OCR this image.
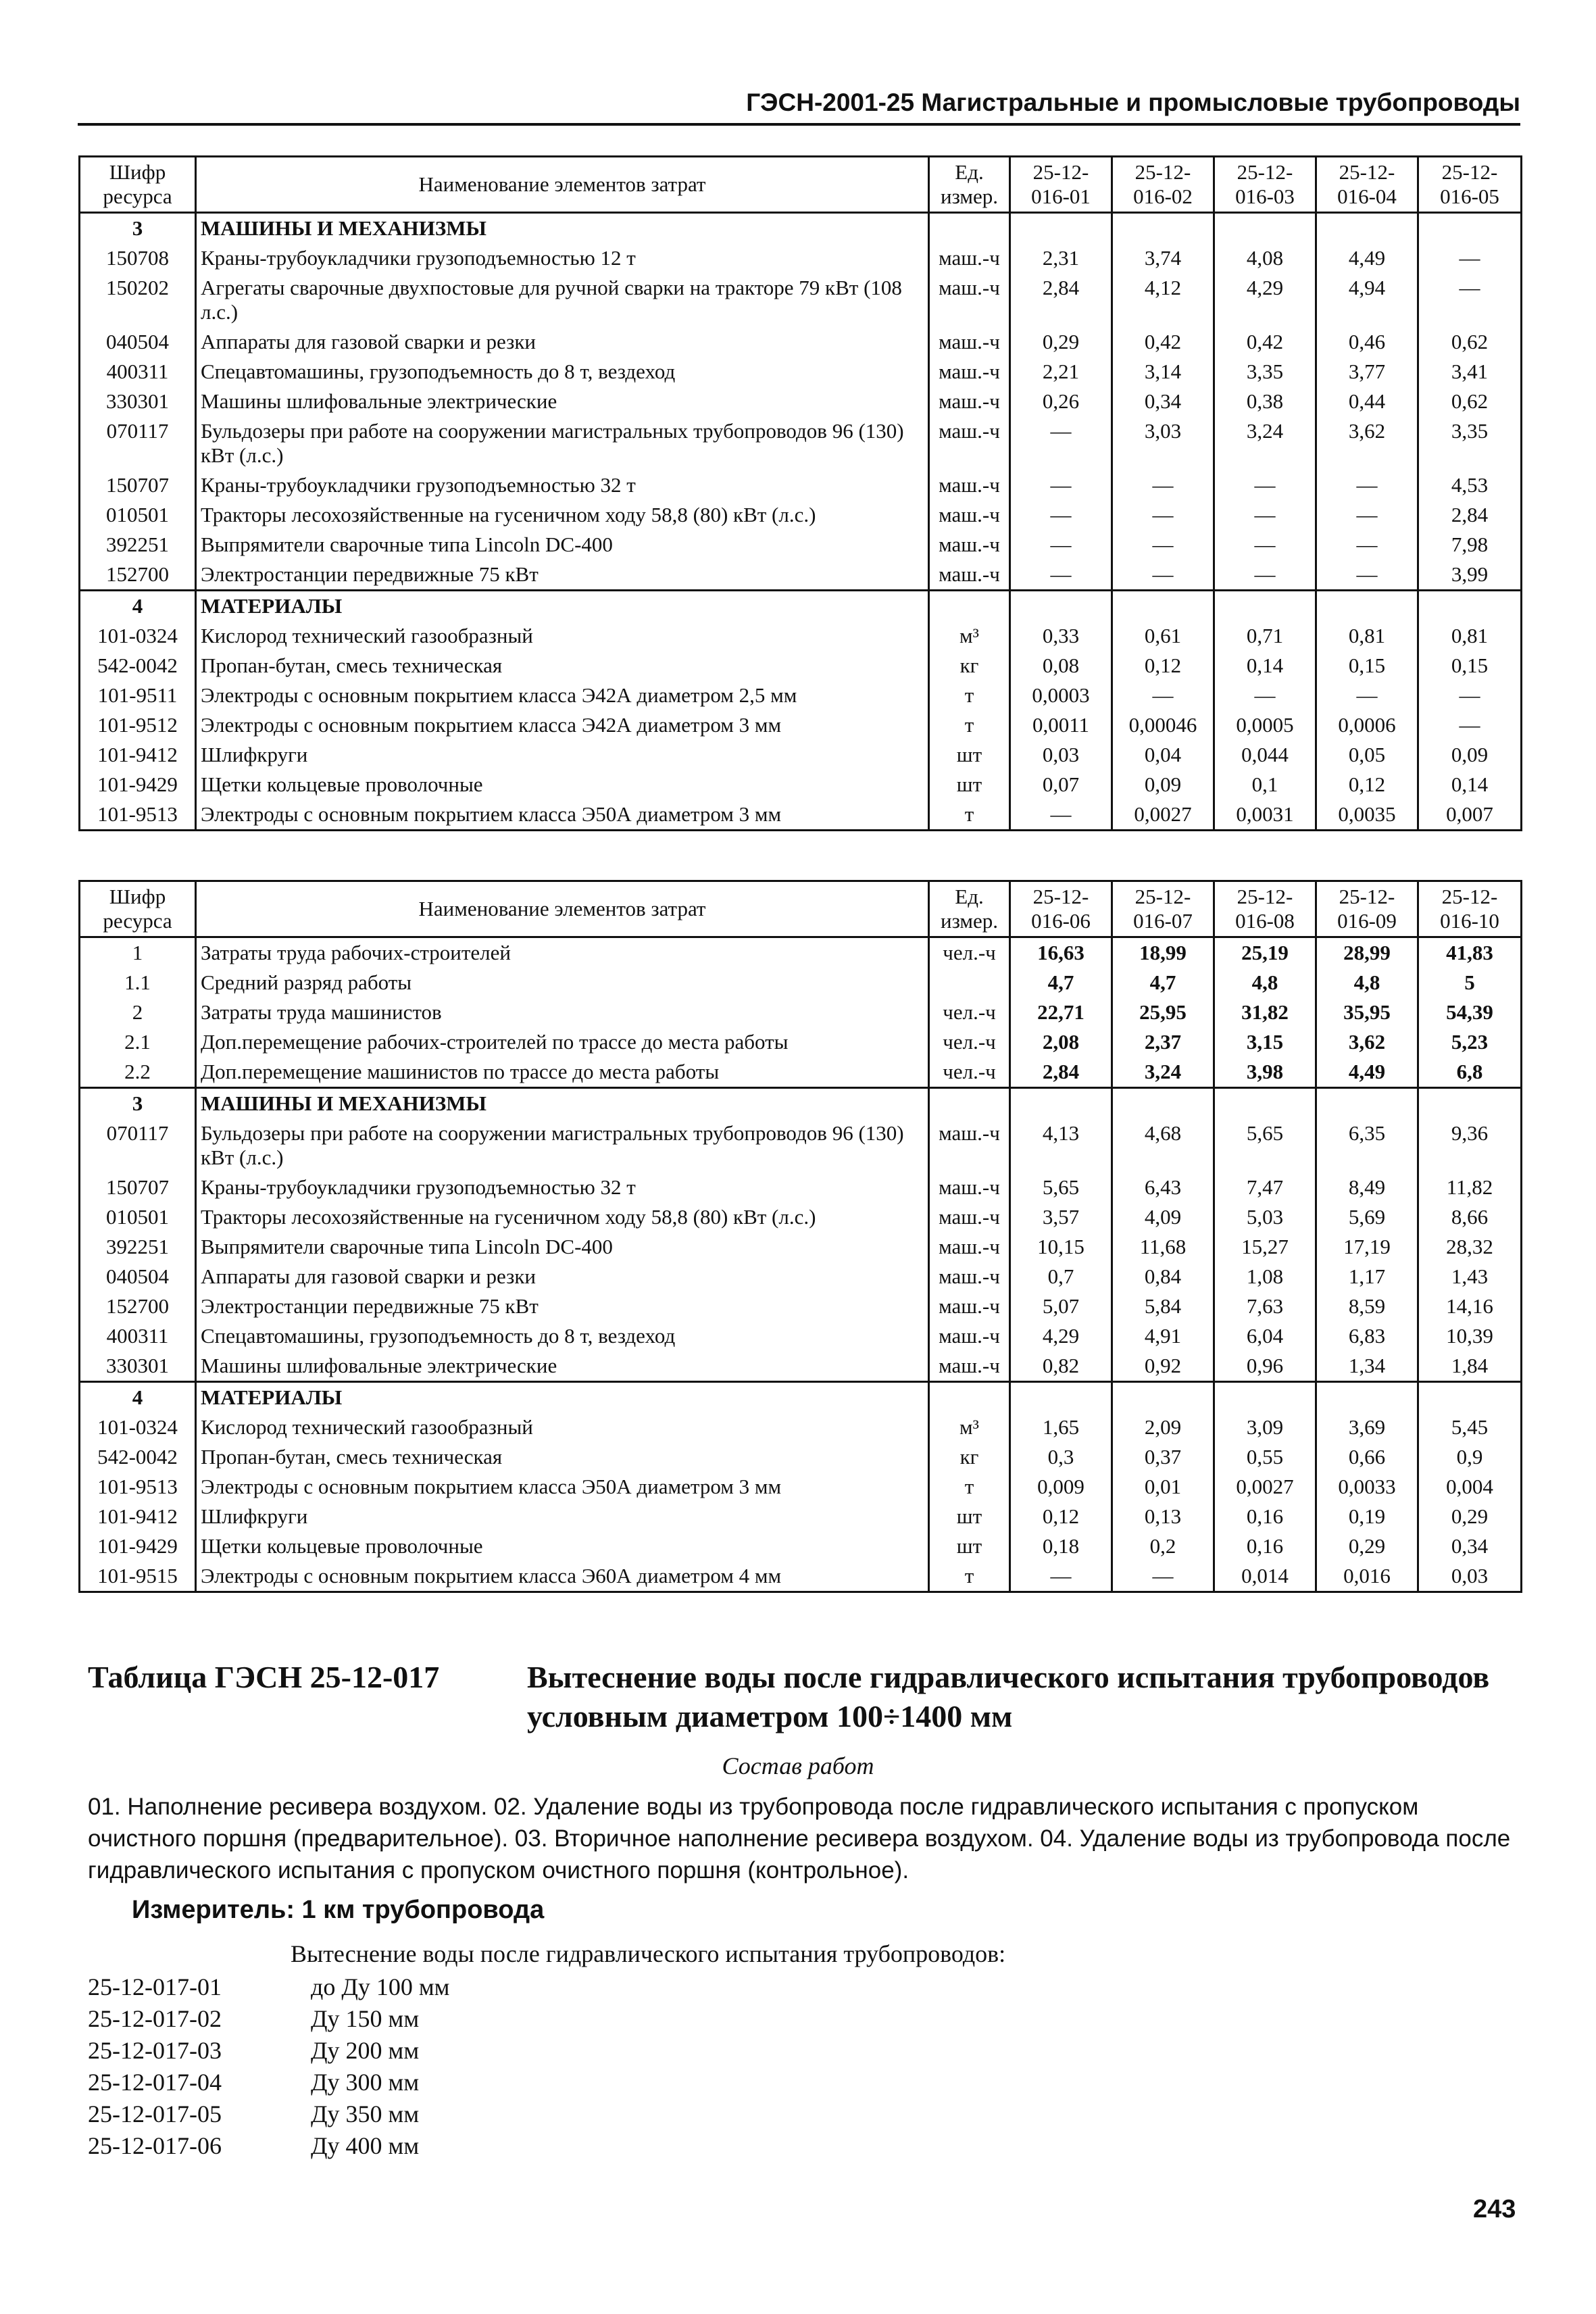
ГЭСН-2001-25 Магистральные и промысловые трубопроводы
Шифр ресурса	Наименование элементов затрат	Ед. измер.	25-12-016-01	25-12-016-02	25-12-016-03	25-12-016-04	25-12-016-05
3	МАШИНЫ И МЕХАНИЗМЫ						
150708	Краны-трубоукладчики грузоподъемностью 12 т	маш.-ч	2,31	3,74	4,08	4,49	—
150202	Агрегаты сварочные двухпостовые для ручной сварки на тракторе 79 кВт (108 л.с.)	маш.-ч	2,84	4,12	4,29	4,94	—
040504	Аппараты для газовой сварки и резки	маш.-ч	0,29	0,42	0,42	0,46	0,62
400311	Спецавтомашины, грузоподъемность до 8 т, вездеход	маш.-ч	2,21	3,14	3,35	3,77	3,41
330301	Машины шлифовальные электрические	маш.-ч	0,26	0,34	0,38	0,44	0,62
070117	Бульдозеры при работе на сооружении магистральных трубопроводов 96 (130) кВт (л.с.)	маш.-ч	—	3,03	3,24	3,62	3,35
150707	Краны-трубоукладчики грузоподъемностью 32 т	маш.-ч	—	—	—	—	4,53
010501	Тракторы лесохозяйственные на гусеничном ходу 58,8 (80) кВт (л.с.)	маш.-ч	—	—	—	—	2,84
392251	Выпрямители сварочные типа Lincoln DC-400	маш.-ч	—	—	—	—	7,98
152700	Электростанции передвижные 75 кВт	маш.-ч	—	—	—	—	3,99
4	МАТЕРИАЛЫ						
101-0324	Кислород технический газообразный	м³	0,33	0,61	0,71	0,81	0,81
542-0042	Пропан-бутан, смесь техническая	кг	0,08	0,12	0,14	0,15	0,15
101-9511	Электроды с основным покрытием класса Э42А диаметром 2,5 мм	т	0,0003	—	—	—	—
101-9512	Электроды с основным покрытием класса Э42А диаметром 3 мм	т	0,0011	0,00046	0,0005	0,0006	—
101-9412	Шлифкруги	шт	0,03	0,04	0,044	0,05	0,09
101-9429	Щетки кольцевые проволочные	шт	0,07	0,09	0,1	0,12	0,14
101-9513	Электроды с основным покрытием класса Э50А диаметром 3 мм	т	—	0,0027	0,0031	0,0035	0,007
Шифр ресурса	Наименование элементов затрат	Ед. измер.	25-12-016-06	25-12-016-07	25-12-016-08	25-12-016-09	25-12-016-10
1	Затраты труда рабочих-строителей	чел.-ч	16,63	18,99	25,19	28,99	41,83
1.1	Средний разряд работы		4,7	4,7	4,8	4,8	5
2	Затраты труда машинистов	чел.-ч	22,71	25,95	31,82	35,95	54,39
2.1	Доп.перемещение рабочих-строителей по трассе до места работы	чел.-ч	2,08	2,37	3,15	3,62	5,23
2.2	Доп.перемещение машинистов по трассе до места работы	чел.-ч	2,84	3,24	3,98	4,49	6,8
3	МАШИНЫ И МЕХАНИЗМЫ						
070117	Бульдозеры при работе на сооружении магистральных трубопроводов 96 (130) кВт (л.с.)	маш.-ч	4,13	4,68	5,65	6,35	9,36
150707	Краны-трубоукладчики грузоподъемностью 32 т	маш.-ч	5,65	6,43	7,47	8,49	11,82
010501	Тракторы лесохозяйственные на гусеничном ходу 58,8 (80) кВт (л.с.)	маш.-ч	3,57	4,09	5,03	5,69	8,66
392251	Выпрямители сварочные типа Lincoln DC-400	маш.-ч	10,15	11,68	15,27	17,19	28,32
040504	Аппараты для газовой сварки и резки	маш.-ч	0,7	0,84	1,08	1,17	1,43
152700	Электростанции передвижные 75 кВт	маш.-ч	5,07	5,84	7,63	8,59	14,16
400311	Спецавтомашины, грузоподъемность до 8 т, вездеход	маш.-ч	4,29	4,91	6,04	6,83	10,39
330301	Машины шлифовальные электрические	маш.-ч	0,82	0,92	0,96	1,34	1,84
4	МАТЕРИАЛЫ						
101-0324	Кислород технический газообразный	м³	1,65	2,09	3,09	3,69	5,45
542-0042	Пропан-бутан, смесь техническая	кг	0,3	0,37	0,55	0,66	0,9
101-9513	Электроды с основным покрытием класса Э50А диаметром 3 мм	т	0,009	0,01	0,0027	0,0033	0,004
101-9412	Шлифкруги	шт	0,12	0,13	0,16	0,19	0,29
101-9429	Щетки кольцевые проволочные	шт	0,18	0,2	0,16	0,29	0,34
101-9515	Электроды с основным покрытием класса Э60А диаметром 4 мм	т	—	—	0,014	0,016	0,03
Таблица ГЭСН 25-12-017	Вытеснение воды после гидравлического испытания трубопроводов условным диаметром 100÷1400 мм
Состав работ
01. Наполнение ресивера воздухом. 02. Удаление воды из трубопровода после гидравлического испытания с пропуском очистного поршня (предварительное). 03. Вторичное наполнение ресивера воздухом. 04. Удаление воды из трубопровода после гидравлического испытания с пропуском очистного поршня (контрольное).
Измеритель: 1 км трубопровода
Вытеснение воды после гидравлического испытания трубопроводов:
25-12-017-01	до Ду 100 мм
25-12-017-02	Ду 150 мм
25-12-017-03	Ду 200 мм
25-12-017-04	Ду 300 мм
25-12-017-05	Ду 350 мм
25-12-017-06	Ду 400 мм
243
